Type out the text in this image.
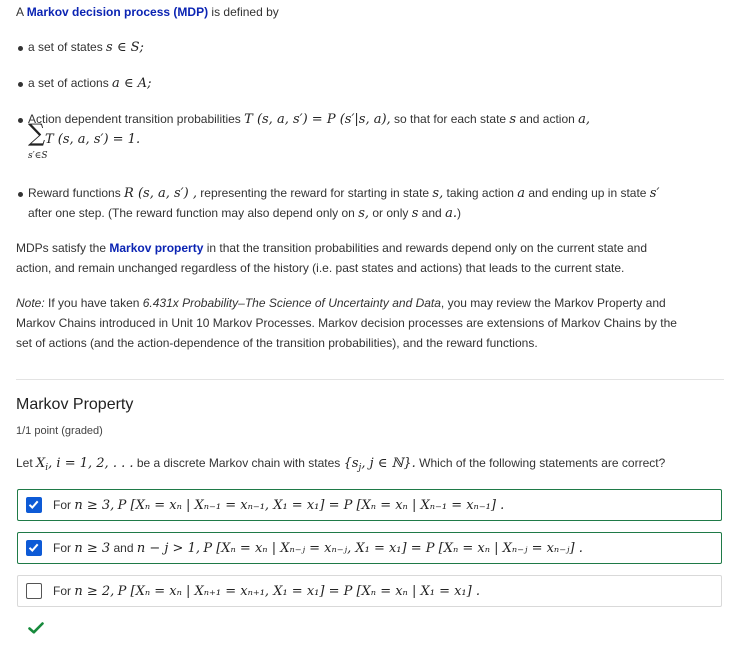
A Markov decision process (MDP) is defined by
a set of states s ∈ S;
a set of actions a ∈ A;
Action dependent transition probabilities T (s, a, s′) = P (s′|s, a), so that for each state s and action a,
∑ T (s, a, s′) = 1.
s′∈S
Reward functions R (s, a, s′) , representing the reward for starting in state s, taking action a and ending up in state s′
after one step. (The reward function may also depend only on s, or only s and a.)
MDPs satisfy the Markov property in that the transition probabilities and rewards depend only on the current state and
action, and remain unchanged regardless of the history (i.e. past states and actions) that leads to the current state.
Note: If you have taken 6.431x Probability–The Science of Uncertainty and Data, you may review the Markov Property and
Markov Chains introduced in Unit 10 Markov Processes. Markov decision processes are extensions of Markov Chains by the
set of actions (and the action-dependence of the transition probabilities), and the reward functions.
Markov Property
1/1 point (graded)
Let $X_i$, i = 1, 2, . . . be a discrete Markov chain with states {$s_j$, j ∈ ℕ}. Which of the following statements are correct?
For n ≥ 3, P [Xₙ = xₙ | Xₙ₋₁ = xₙ₋₁, X₁ = x₁] = P [Xₙ = xₙ | Xₙ₋₁ = xₙ₋₁] .
For n ≥ 3 and n − j > 1, P [Xₙ = xₙ | Xₙ₋ⱼ = xₙ₋ⱼ, X₁ = x₁] = P [Xₙ = xₙ | Xₙ₋ⱼ = xₙ₋ⱼ] .
For n ≥ 2, P [Xₙ = xₙ | Xₙ₊₁ = xₙ₊₁, X₁ = x₁] = P [Xₙ = xₙ | X₁ = x₁] .
